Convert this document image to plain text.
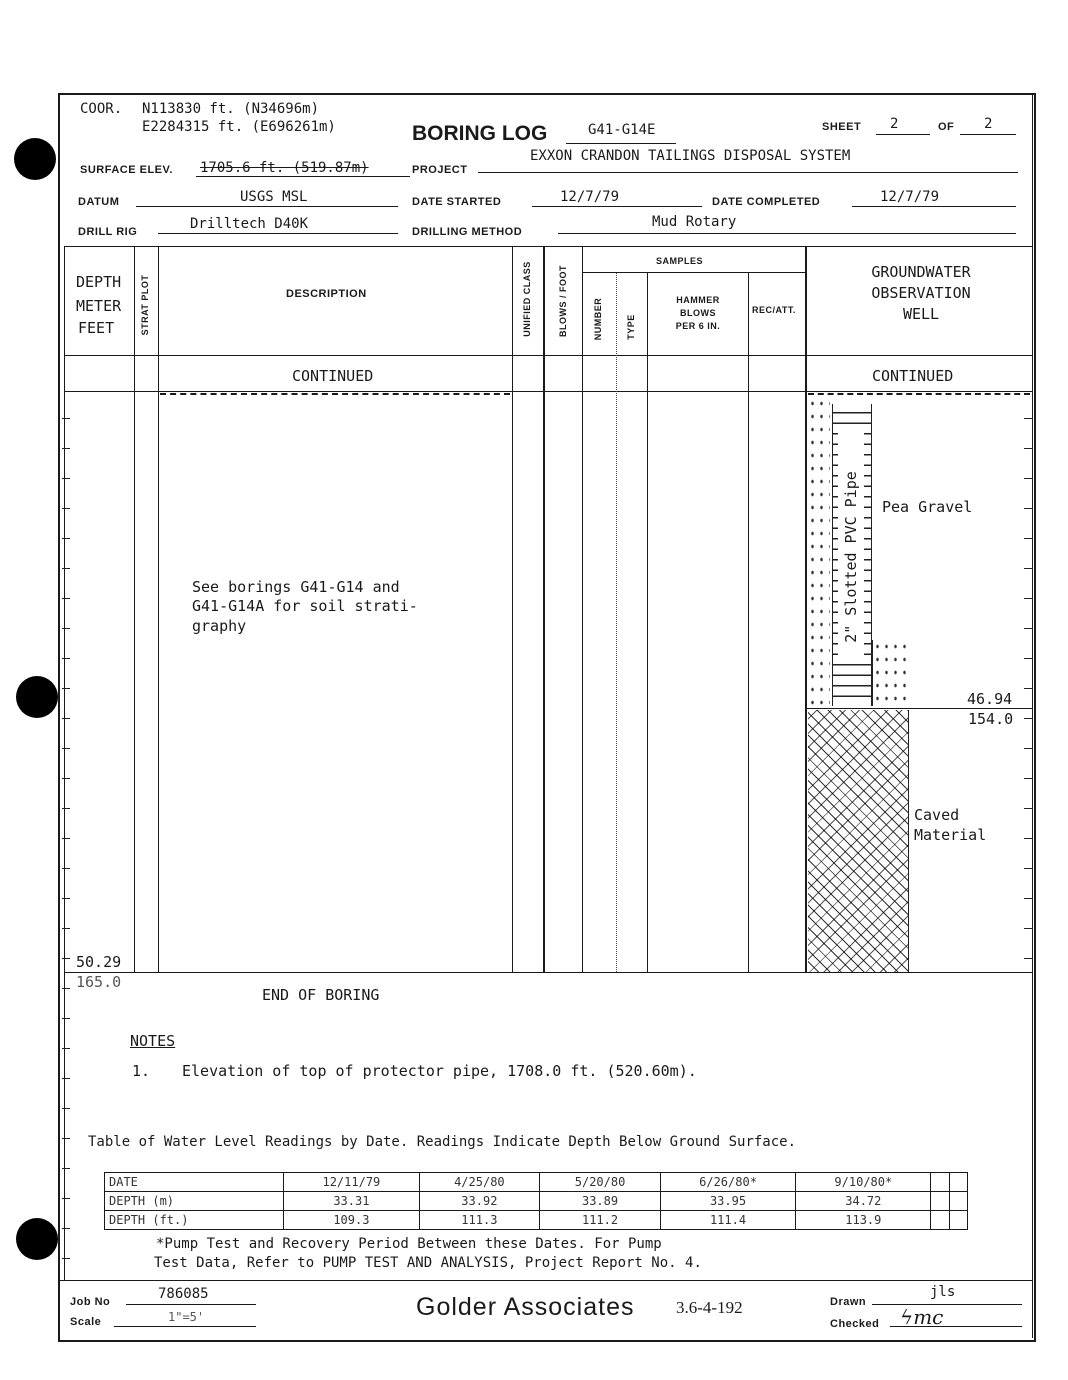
COOR. N113830 ft. (N34696m)
E2284315 ft. (E696261m)	BORING LOG	G41-G14E	SHEET 2	OF 2
SURFACE ELEV. 1705.6 ft. (519.87m)	PROJECT
EXXON CRANDON TAILINGS DISPOSAL SYSTEM
DATUM	USGS MSL	DATE STARTED	12/7/79	DATE COMPLETED	12/7/79
DRILL RIG	Drilltech D40K	DRILLING METHOD
Mud Rotary
DEPTH
METER
FEET	STRAT PLOT	DESCRIPTION	UNIFIED CLASS	BLOWS / FOOT
SAMPLES
NUMBER	TYPE
HAMMER
BLOWS
PER 6 IN.
REC/ATT.
GROUNDWATER
OBSERVATION
WELL
CONTINUED	CONTINUED
See borings G41-G14 and
G41-G14A for soil strati-
graphy	2" Slotted PVC Pipe Pea Gravel
46.94
154.0
Caved
Material
50.29
165.0
END OF BORING
NOTES
1. Elevation of top of protector pipe, 1708.0 ft. (520.60m).
Table of Water Level Readings by Date. Readings Indicate Depth Below Ground Surface.
DATE	12/11/79	4/25/80	5/20/80	6/26/80*	9/10/80*		
DEPTH (m)	33.31	33.92	33.89	33.95	34.72		
DEPTH (ft.)	109.3	111.3	111.2	111.4	113.9		
*Pump Test and Recovery Period Between these Dates. For Pump
Test Data, Refer to PUMP TEST AND ANALYSIS, Project Report No. 4.
Job No	786085
Scale	1"=5'	Golder Associates 3.6-4-192	Drawn
jls
Checked ϟmc
